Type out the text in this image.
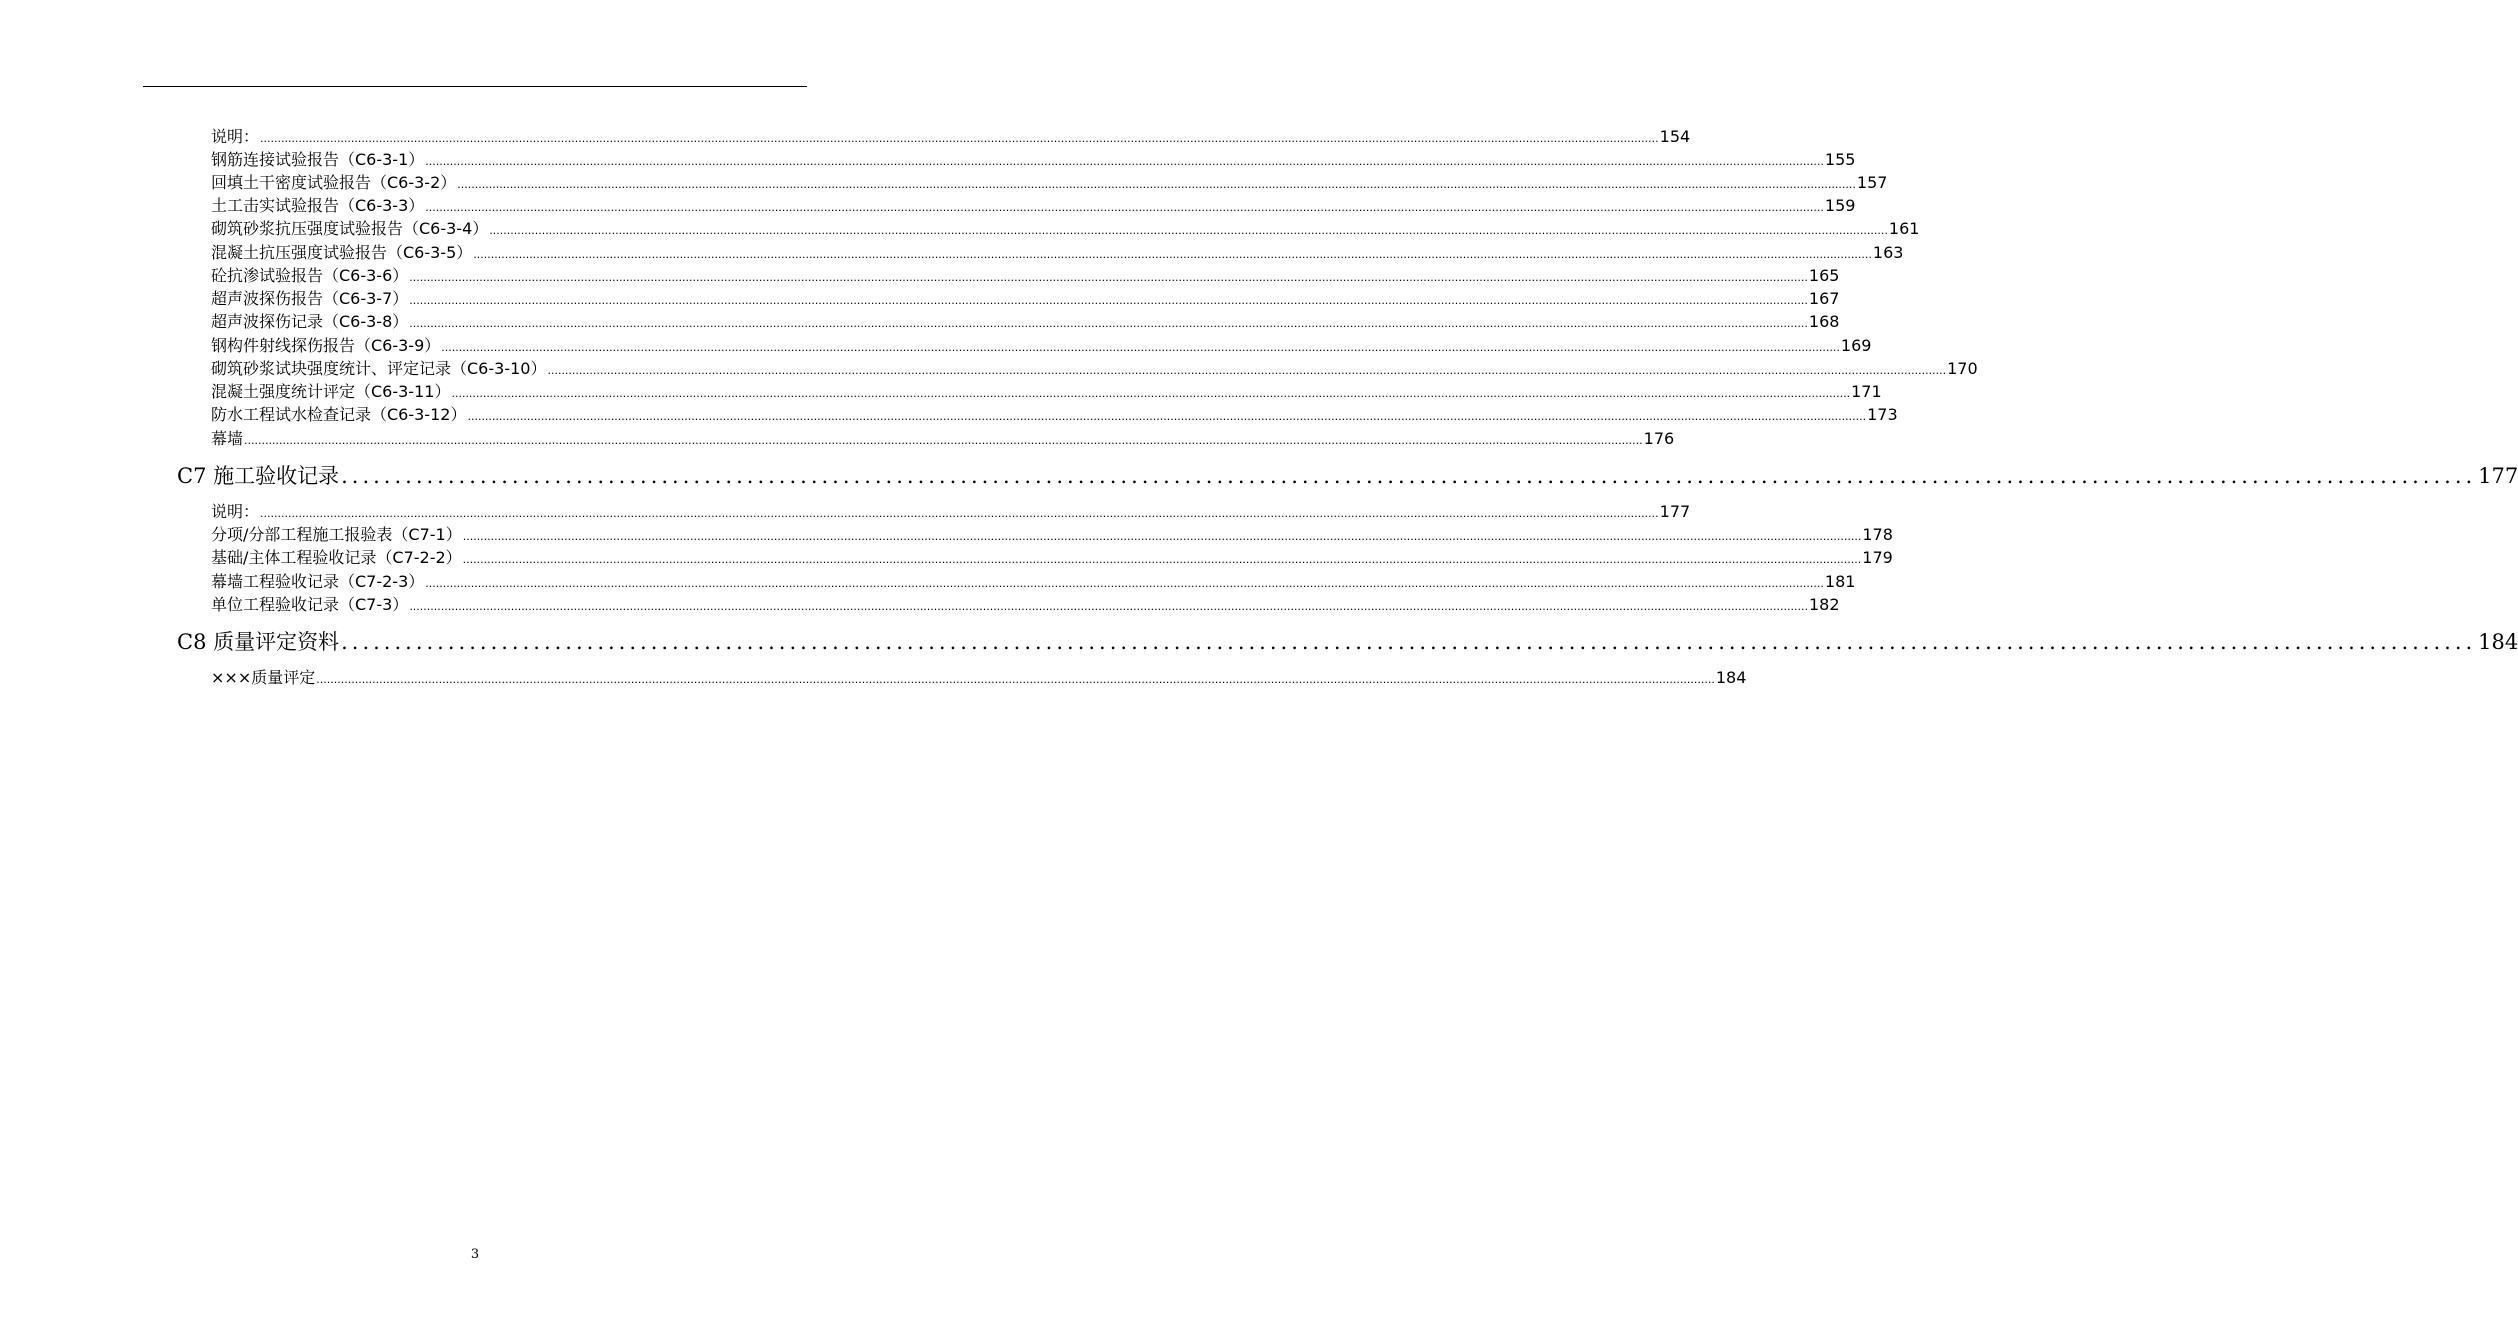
说明： ................................................................................................................................................................................................................................................................................................................................................................................................................ 154
钢筋连接试验报告（C6-3-1） ................................................................................................................................................................................................................................................................................................................................................................................................................ 155
回填土干密度试验报告（C6-3-2） ................................................................................................................................................................................................................................................................................................................................................................................................................ 157
土工击实试验报告（C6-3-3） ................................................................................................................................................................................................................................................................................................................................................................................................................ 159
砌筑砂浆抗压强度试验报告（C6-3-4） ................................................................................................................................................................................................................................................................................................................................................................................................................ 161
混凝土抗压强度试验报告（C6-3-5） ................................................................................................................................................................................................................................................................................................................................................................................................................ 163
砼抗渗试验报告（C6-3-6） ................................................................................................................................................................................................................................................................................................................................................................................................................ 165
超声波探伤报告（C6-3-7） ................................................................................................................................................................................................................................................................................................................................................................................................................ 167
超声波探伤记录（C6-3-8） ................................................................................................................................................................................................................................................................................................................................................................................................................ 168
钢构件射线探伤报告（C6-3-9） ................................................................................................................................................................................................................................................................................................................................................................................................................ 169
砌筑砂浆试块强度统计、评定记录（C6-3-10） ................................................................................................................................................................................................................................................................................................................................................................................................................ 170
混凝土强度统计评定（C6-3-11） ................................................................................................................................................................................................................................................................................................................................................................................................................ 171
防水工程试水检查记录（C6-3-12） ................................................................................................................................................................................................................................................................................................................................................................................................................ 173
幕墙 ................................................................................................................................................................................................................................................................................................................................................................................................................ 176
C7 施工验收记录 ........................................................................................................................................................................................................ 177
说明： ................................................................................................................................................................................................................................................................................................................................................................................................................ 177
分项/分部工程施工报验表（C7-1） ................................................................................................................................................................................................................................................................................................................................................................................................................ 178
基础/主体工程验收记录（C7-2-2） ................................................................................................................................................................................................................................................................................................................................................................................................................ 179
幕墙工程验收记录（C7-2-3） ................................................................................................................................................................................................................................................................................................................................................................................................................ 181
单位工程验收记录（C7-3） ................................................................................................................................................................................................................................................................................................................................................................................................................ 182
C8 质量评定资料 ........................................................................................................................................................................................................ 184
×××质量评定 ................................................................................................................................................................................................................................................................................................................................................................................................................ 184
3
